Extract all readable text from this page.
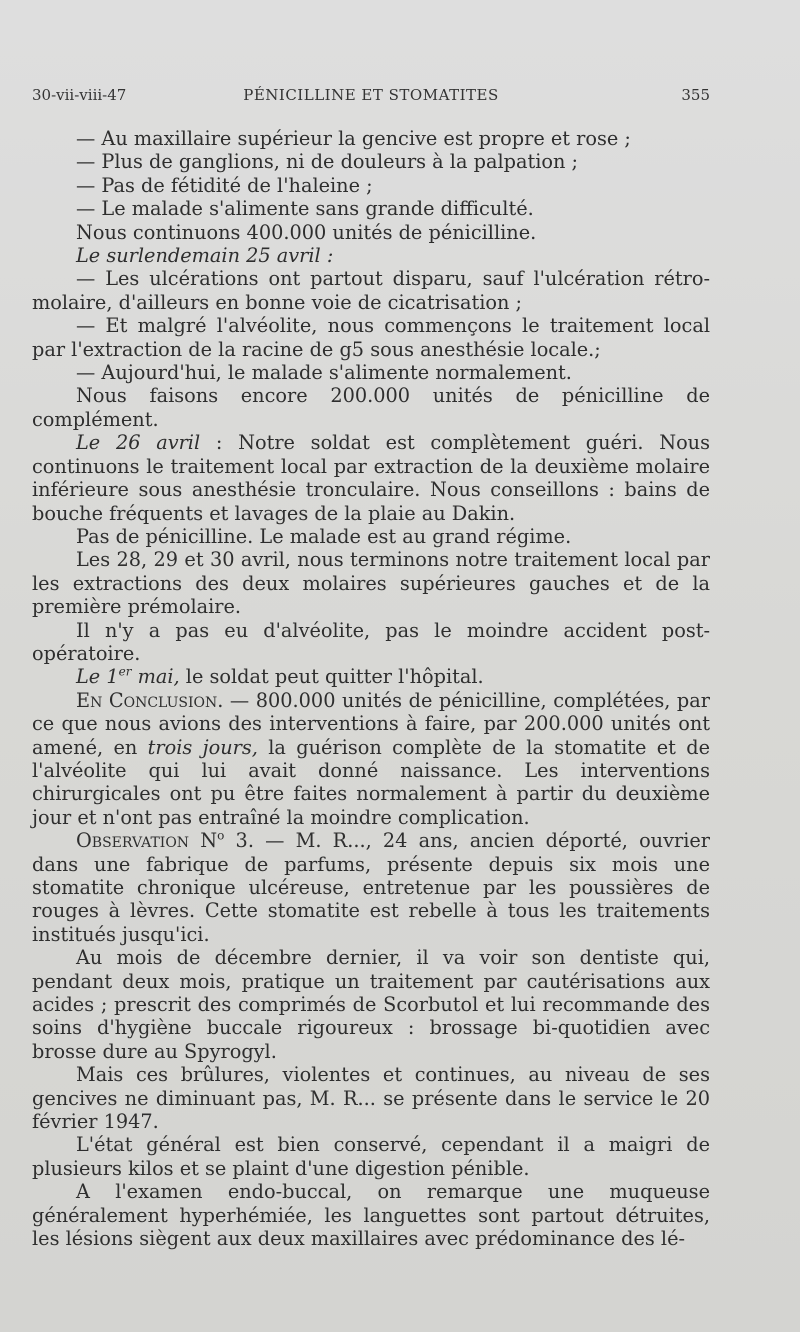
30-vii-viii-47	PÉNICILLINE ET STOMATITES	355

— Au maxillaire supérieur la gencive est propre et rose ;

— Plus de ganglions, ni de douleurs à la palpation ;

— Pas de fétidité de l'haleine ;

— Le malade s'alimente sans grande difficulté.

Nous continuons 400.000 unités de pénicilline.

Le surlendemain 25 avril :

— Les ulcérations ont partout disparu, sauf l'ulcération rétro-molaire, d'ailleurs en bonne voie de cicatrisation ;

— Et malgré l'alvéolite, nous commençons le traitement local par l'extraction de la racine de g5 sous anesthésie locale.;

— Aujourd'hui, le malade s'alimente normalement.

Nous faisons encore 200.000 unités de pénicilline de complément.

Le 26 avril : Notre soldat est complètement guéri. Nous continuons le traitement local par extraction de la deuxième molaire inférieure sous anesthésie tronculaire. Nous conseillons : bains de bouche fréquents et lavages de la plaie au Dakin.

Pas de pénicilline. Le malade est au grand régime.

Les 28, 29 et 30 avril, nous terminons notre traitement local par les extractions des deux molaires supérieures gauches et de la première prémolaire.

Il n'y a pas eu d'alvéolite, pas le moindre accident post-opératoire.

Le 1er mai, le soldat peut quitter l'hôpital.

En Conclusion. — 800.000 unités de pénicilline, complétées, par ce que nous avions des interventions à faire, par 200.000 unités ont amené, en trois jours, la guérison complète de la stomatite et de l'alvéolite qui lui avait donné naissance. Les interventions chirurgicales ont pu être faites normalement à partir du deuxième jour et n'ont pas entraîné la moindre complication.

Observation $N^o$ 3. — M. R..., 24 ans, ancien déporté, ouvrier dans une fabrique de parfums, présente depuis six mois une stomatite chronique ulcéreuse, entretenue par les poussières de rouges à lèvres. Cette stomatite est rebelle à tous les traitements institués jusqu'ici.

Au mois de décembre dernier, il va voir son dentiste qui, pendant deux mois, pratique un traitement par cautérisations aux acides ; prescrit des comprimés de Scorbutol et lui recommande des soins d'hygiène buccale rigoureux : brossage bi-quotidien avec brosse dure au Spyrogyl.

Mais ces brûlures, violentes et continues, au niveau de ses gencives ne diminuant pas, M. R... se présente dans le service le 20 février 1947.

L'état général est bien conservé, cependant il a maigri de plusieurs kilos et se plaint d'une digestion pénible.

A l'examen endo-buccal, on remarque une muqueuse généralement hyperhémiée, les languettes sont partout détruites, les lésions siègent aux deux maxillaires avec prédominance des lé-
